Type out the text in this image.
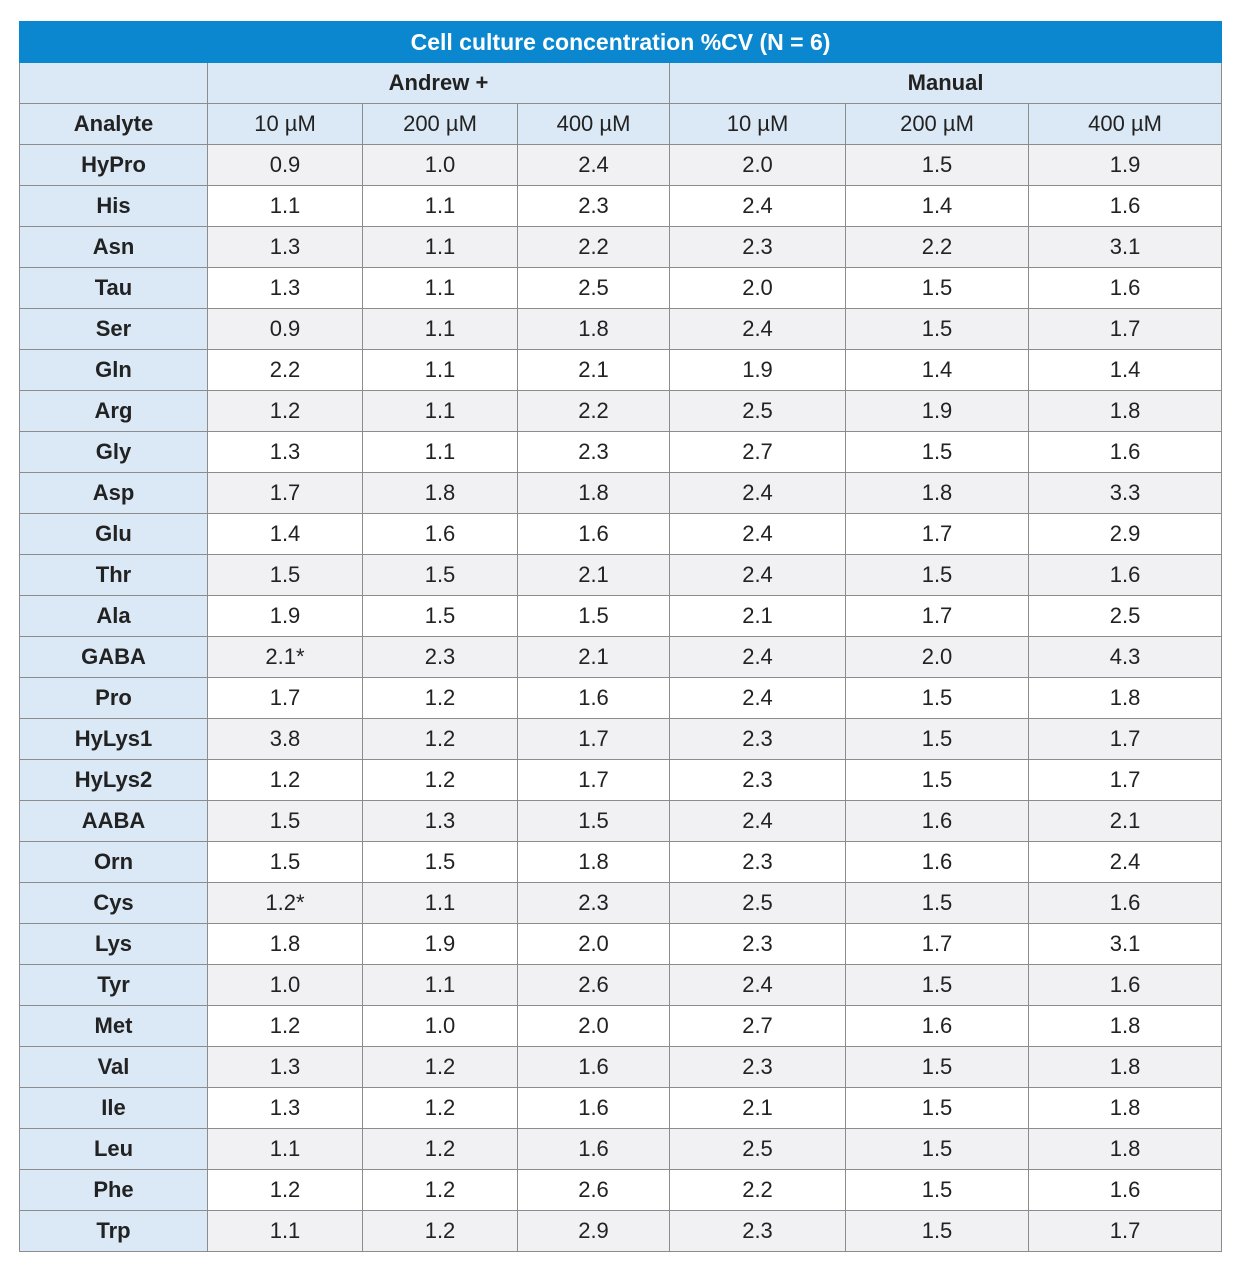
Cell culture concentration %CV (N = 6)						
	Andrew +			Manual		
Analyte	10 µM	200 µM	400 µM	10 µM	200 µM	400 µM
HyPro	0.9	1.0	2.4	2.0	1.5	1.9
His	1.1	1.1	2.3	2.4	1.4	1.6
Asn	1.3	1.1	2.2	2.3	2.2	3.1
Tau	1.3	1.1	2.5	2.0	1.5	1.6
Ser	0.9	1.1	1.8	2.4	1.5	1.7
Gln	2.2	1.1	2.1	1.9	1.4	1.4
Arg	1.2	1.1	2.2	2.5	1.9	1.8
Gly	1.3	1.1	2.3	2.7	1.5	1.6
Asp	1.7	1.8	1.8	2.4	1.8	3.3
Glu	1.4	1.6	1.6	2.4	1.7	2.9
Thr	1.5	1.5	2.1	2.4	1.5	1.6
Ala	1.9	1.5	1.5	2.1	1.7	2.5
GABA	2.1*	2.3	2.1	2.4	2.0	4.3
Pro	1.7	1.2	1.6	2.4	1.5	1.8
HyLys1	3.8	1.2	1.7	2.3	1.5	1.7
HyLys2	1.2	1.2	1.7	2.3	1.5	1.7
AABA	1.5	1.3	1.5	2.4	1.6	2.1
Orn	1.5	1.5	1.8	2.3	1.6	2.4
Cys	1.2*	1.1	2.3	2.5	1.5	1.6
Lys	1.8	1.9	2.0	2.3	1.7	3.1
Tyr	1.0	1.1	2.6	2.4	1.5	1.6
Met	1.2	1.0	2.0	2.7	1.6	1.8
Val	1.3	1.2	1.6	2.3	1.5	1.8
Ile	1.3	1.2	1.6	2.1	1.5	1.8
Leu	1.1	1.2	1.6	2.5	1.5	1.8
Phe	1.2	1.2	2.6	2.2	1.5	1.6
Trp	1.1	1.2	2.9	2.3	1.5	1.7
